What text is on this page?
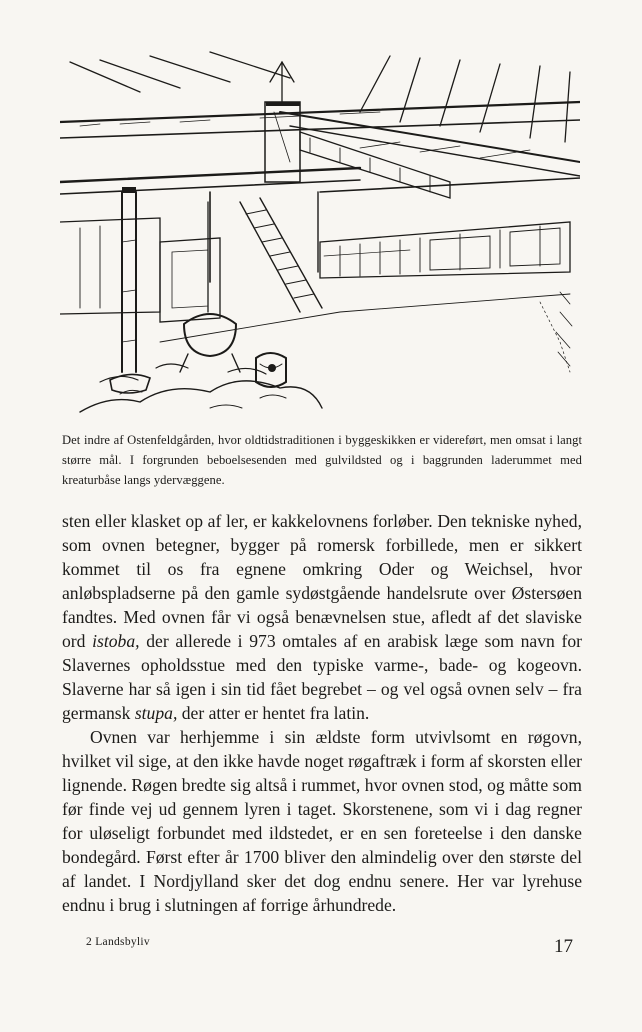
Det indre af Ostenfeldgården, hvor oldtidstraditionen i byggeskikken er videreført, men omsat i langt større mål. I forgrunden beboelsesenden med gulvildsted og i baggrunden laderummet med kreaturbåse langs ydervæggene.

sten eller klasket op af ler, er kakkelovnens forløber. Den tekniske nyhed, som ovnen betegner, bygger på romersk forbillede, men er sikkert kommet til os fra egnene omkring Oder og Weichsel, hvor anløbspladserne på den gamle sydøstgående handelsrute over Østersøen fandtes. Med ovnen får vi også benævnelsen stue, afledt af det slaviske ord istoba, der allerede i 973 omtales af en arabisk læge som navn for Slavernes opholdsstue med den typiske varme-, bade- og kogeovn. Slaverne har så igen i sin tid fået begrebet – og vel også ovnen selv – fra germansk stupa, der atter er hentet fra latin.

Ovnen var herhjemme i sin ældste form utvivlsomt en røgovn, hvilket vil sige, at den ikke havde noget røgaftræk i form af skorsten eller lignende. Røgen bredte sig altså i rummet, hvor ovnen stod, og måtte som før finde vej ud gennem lyren i taget. Skorstenene, som vi i dag regner for uløseligt forbundet med ildstedet, er en sen foreteelse i den danske bondegård. Først efter år 1700 bliver den almindelig over den største del af landet. I Nordjylland sker det dog endnu senere. Her var lyrehuse endnu i brug i slutningen af forrige århundrede.

2 Landsbyliv	17
